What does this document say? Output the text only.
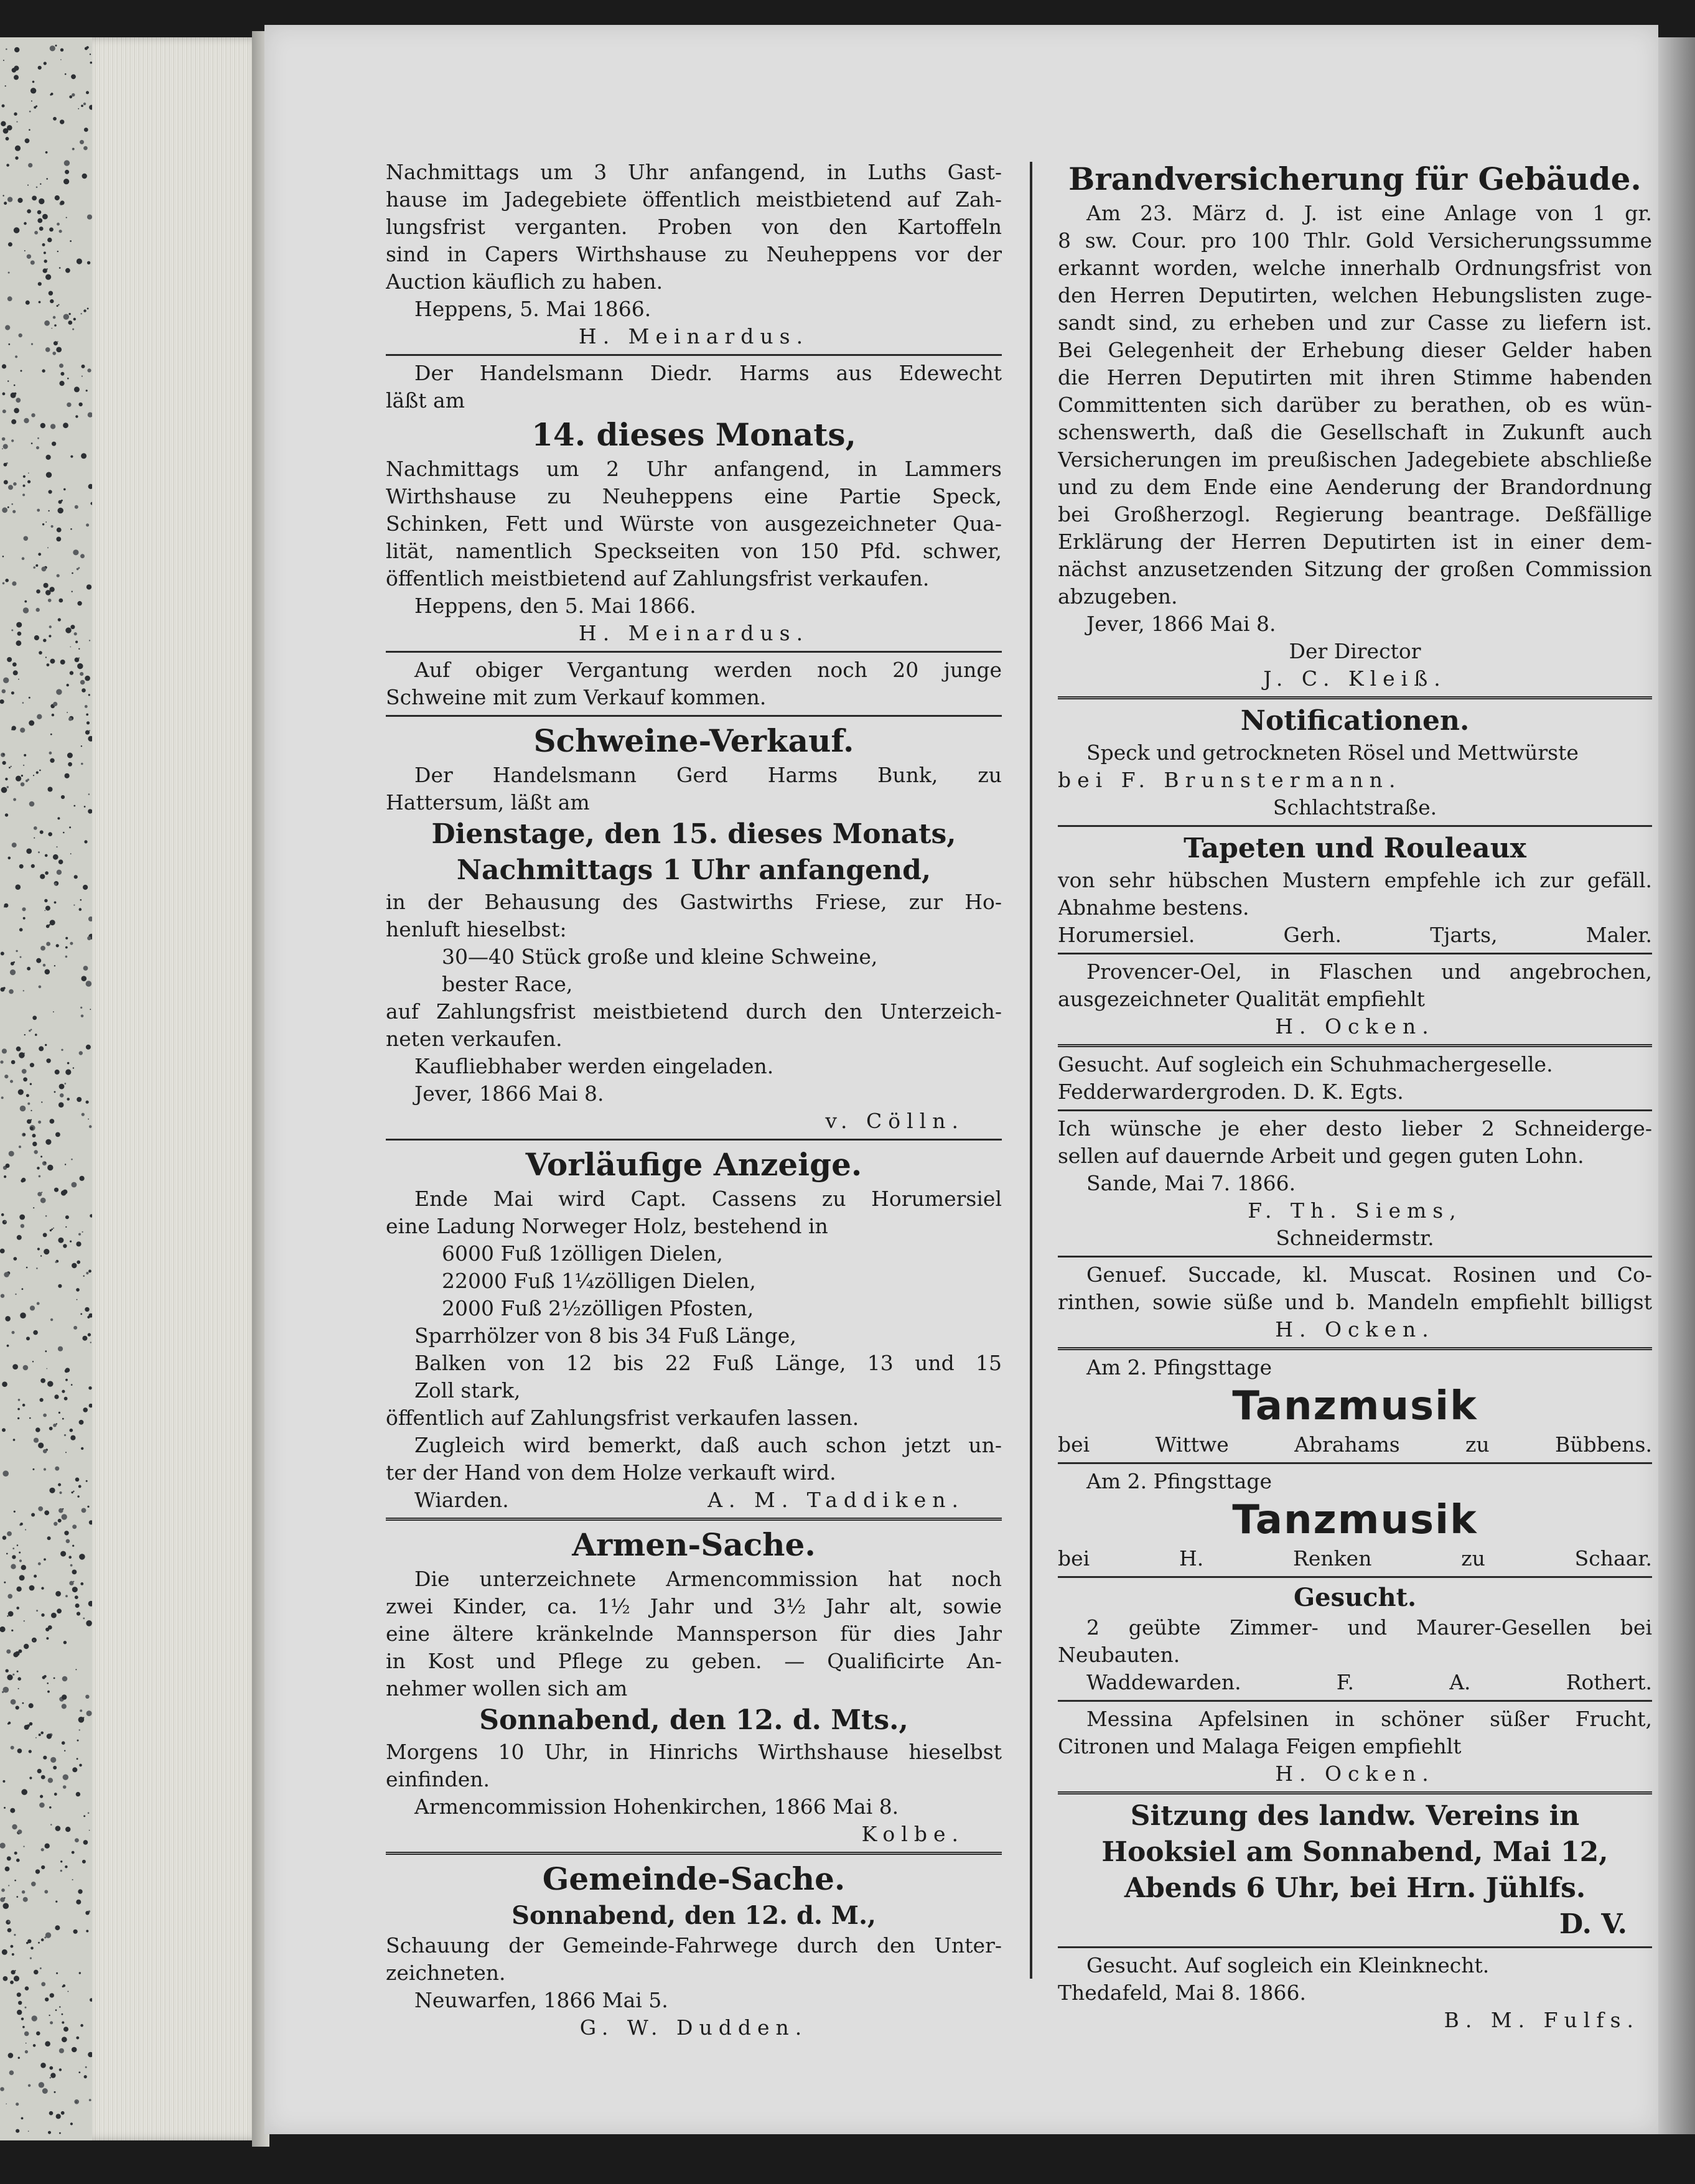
Nachmittags um 3 Uhr anfangend, in Luths Gast-
hause im Jadegebiete öffentlich meistbietend auf Zah-
lungsfrist verganten. Proben von den Kartoffeln
sind in Capers Wirthshause zu Neuheppens vor der
Auction käuflich zu haben.
Heppens, 5. Mai 1866.
H. Meinardus.
Der Handelsmann Diedr. Harms aus Edewecht
läßt am
14. dieses Monats,
Nachmittags um 2 Uhr anfangend, in Lammers
Wirthshause zu Neuheppens eine Partie Speck,
Schinken, Fett und Würste von ausgezeichneter Qua-
lität, namentlich Speckseiten von 150 Pfd. schwer,
öffentlich meistbietend auf Zahlungsfrist verkaufen.
Heppens, den 5. Mai 1866.
H. Meinardus.
Auf obiger Vergantung werden noch 20 junge
Schweine mit zum Verkauf kommen.
Schweine-Verkauf.
Der Handelsmann Gerd Harms Bunk, zu
Hattersum, läßt am
Dienstage, den 15. dieses Monats,
Nachmittags 1 Uhr anfangend,
in der Behausung des Gastwirths Friese, zur Ho-
henluft hieselbst:
30—40 Stück große und kleine Schweine,
bester Race,
auf Zahlungsfrist meistbietend durch den Unterzeich-
neten verkaufen.
Kaufliebhaber werden eingeladen.
Jever, 1866 Mai 8.
v. Cölln.
Vorläufige Anzeige.
Ende Mai wird Capt. Cassens zu Horumersiel
eine Ladung Norweger Holz, bestehend in
6000 Fuß 1zölligen Dielen,
22000 Fuß 1¼zölligen Dielen,
2000 Fuß 2½zölligen Pfosten,
Sparrhölzer von 8 bis 34 Fuß Länge,
Balken von 12 bis 22 Fuß Länge, 13 und 15
Zoll stark,
öffentlich auf Zahlungsfrist verkaufen lassen.
Zugleich wird bemerkt, daß auch schon jetzt un-
ter der Hand von dem Holze verkauft wird.
Wiarden.	A. M. Taddiken.
Armen-Sache.
Die unterzeichnete Armencommission hat noch
zwei Kinder, ca. 1½ Jahr und 3½ Jahr alt, sowie
eine ältere kränkelnde Mannsperson für dies Jahr
in Kost und Pflege zu geben. — Qualificirte An-
nehmer wollen sich am
Sonnabend, den 12. d. Mts.,
Morgens 10 Uhr, in Hinrichs Wirthshause hieselbst
einfinden.
Armencommission Hohenkirchen, 1866 Mai 8.
Kolbe.
Gemeinde-Sache.
Sonnabend, den 12. d. M.,
Schauung der Gemeinde-Fahrwege durch den Unter-
zeichneten.
Neuwarfen, 1866 Mai 5.
G. W. Dudden.
Brandversicherung für Gebäude.
Am 23. März d. J. ist eine Anlage von 1 gr.
8 sw. Cour. pro 100 Thlr. Gold Versicherungssumme
erkannt worden, welche innerhalb Ordnungsfrist von
den Herren Deputirten, welchen Hebungslisten zuge-
sandt sind, zu erheben und zur Casse zu liefern ist.
Bei Gelegenheit der Erhebung dieser Gelder haben
die Herren Deputirten mit ihren Stimme habenden
Committenten sich darüber zu berathen, ob es wün-
schenswerth, daß die Gesellschaft in Zukunft auch
Versicherungen im preußischen Jadegebiete abschließe
und zu dem Ende eine Aenderung der Brandordnung
bei Großherzogl. Regierung beantrage. Deßfällige
Erklärung der Herren Deputirten ist in einer dem-
nächst anzusetzenden Sitzung der großen Commission
abzugeben.
Jever, 1866 Mai 8.
Der Director
J. C. Kleiß.
Notificationen.
Speck und getrockneten Rösel und Mettwürste
bei F. Brunstermann.
Schlachtstraße.
Tapeten und Rouleaux
von sehr hübschen Mustern empfehle ich zur gefäll.
Abnahme bestens.
Horumersiel. Gerh. Tjarts, Maler.
Provencer-Oel, in Flaschen und angebrochen,
ausgezeichneter Qualität empfiehlt
H. Ocken.
Gesucht. Auf sogleich ein Schuhmachergeselle.
Fedderwardergroden. D. K. Egts.
Ich wünsche je eher desto lieber 2 Schneiderge-
sellen auf dauernde Arbeit und gegen guten Lohn.
Sande, Mai 7. 1866.
F. Th. Siems,
Schneidermstr.
Genuef. Succade, kl. Muscat. Rosinen und Co-
rinthen, sowie süße und b. Mandeln empfiehlt billigst
H. Ocken.
Am 2. Pfingsttage
Tanzmusik
bei Wittwe Abrahams zu Bübbens.
Am 2. Pfingsttage
Tanzmusik
bei H. Renken zu Schaar.
Gesucht.
2 geübte Zimmer- und Maurer-Gesellen bei
Neubauten.
Waddewarden. F. A. Rothert.
Messina Apfelsinen in schöner süßer Frucht,
Citronen und Malaga Feigen empfiehlt
H. Ocken.
Sitzung des landw. Vereins in
Hooksiel am Sonnabend, Mai 12,
Abends 6 Uhr, bei Hrn. Jühlfs.
D. V.
Gesucht. Auf sogleich ein Kleinknecht.
Thedafeld, Mai 8. 1866.
B. M. Fulfs.
